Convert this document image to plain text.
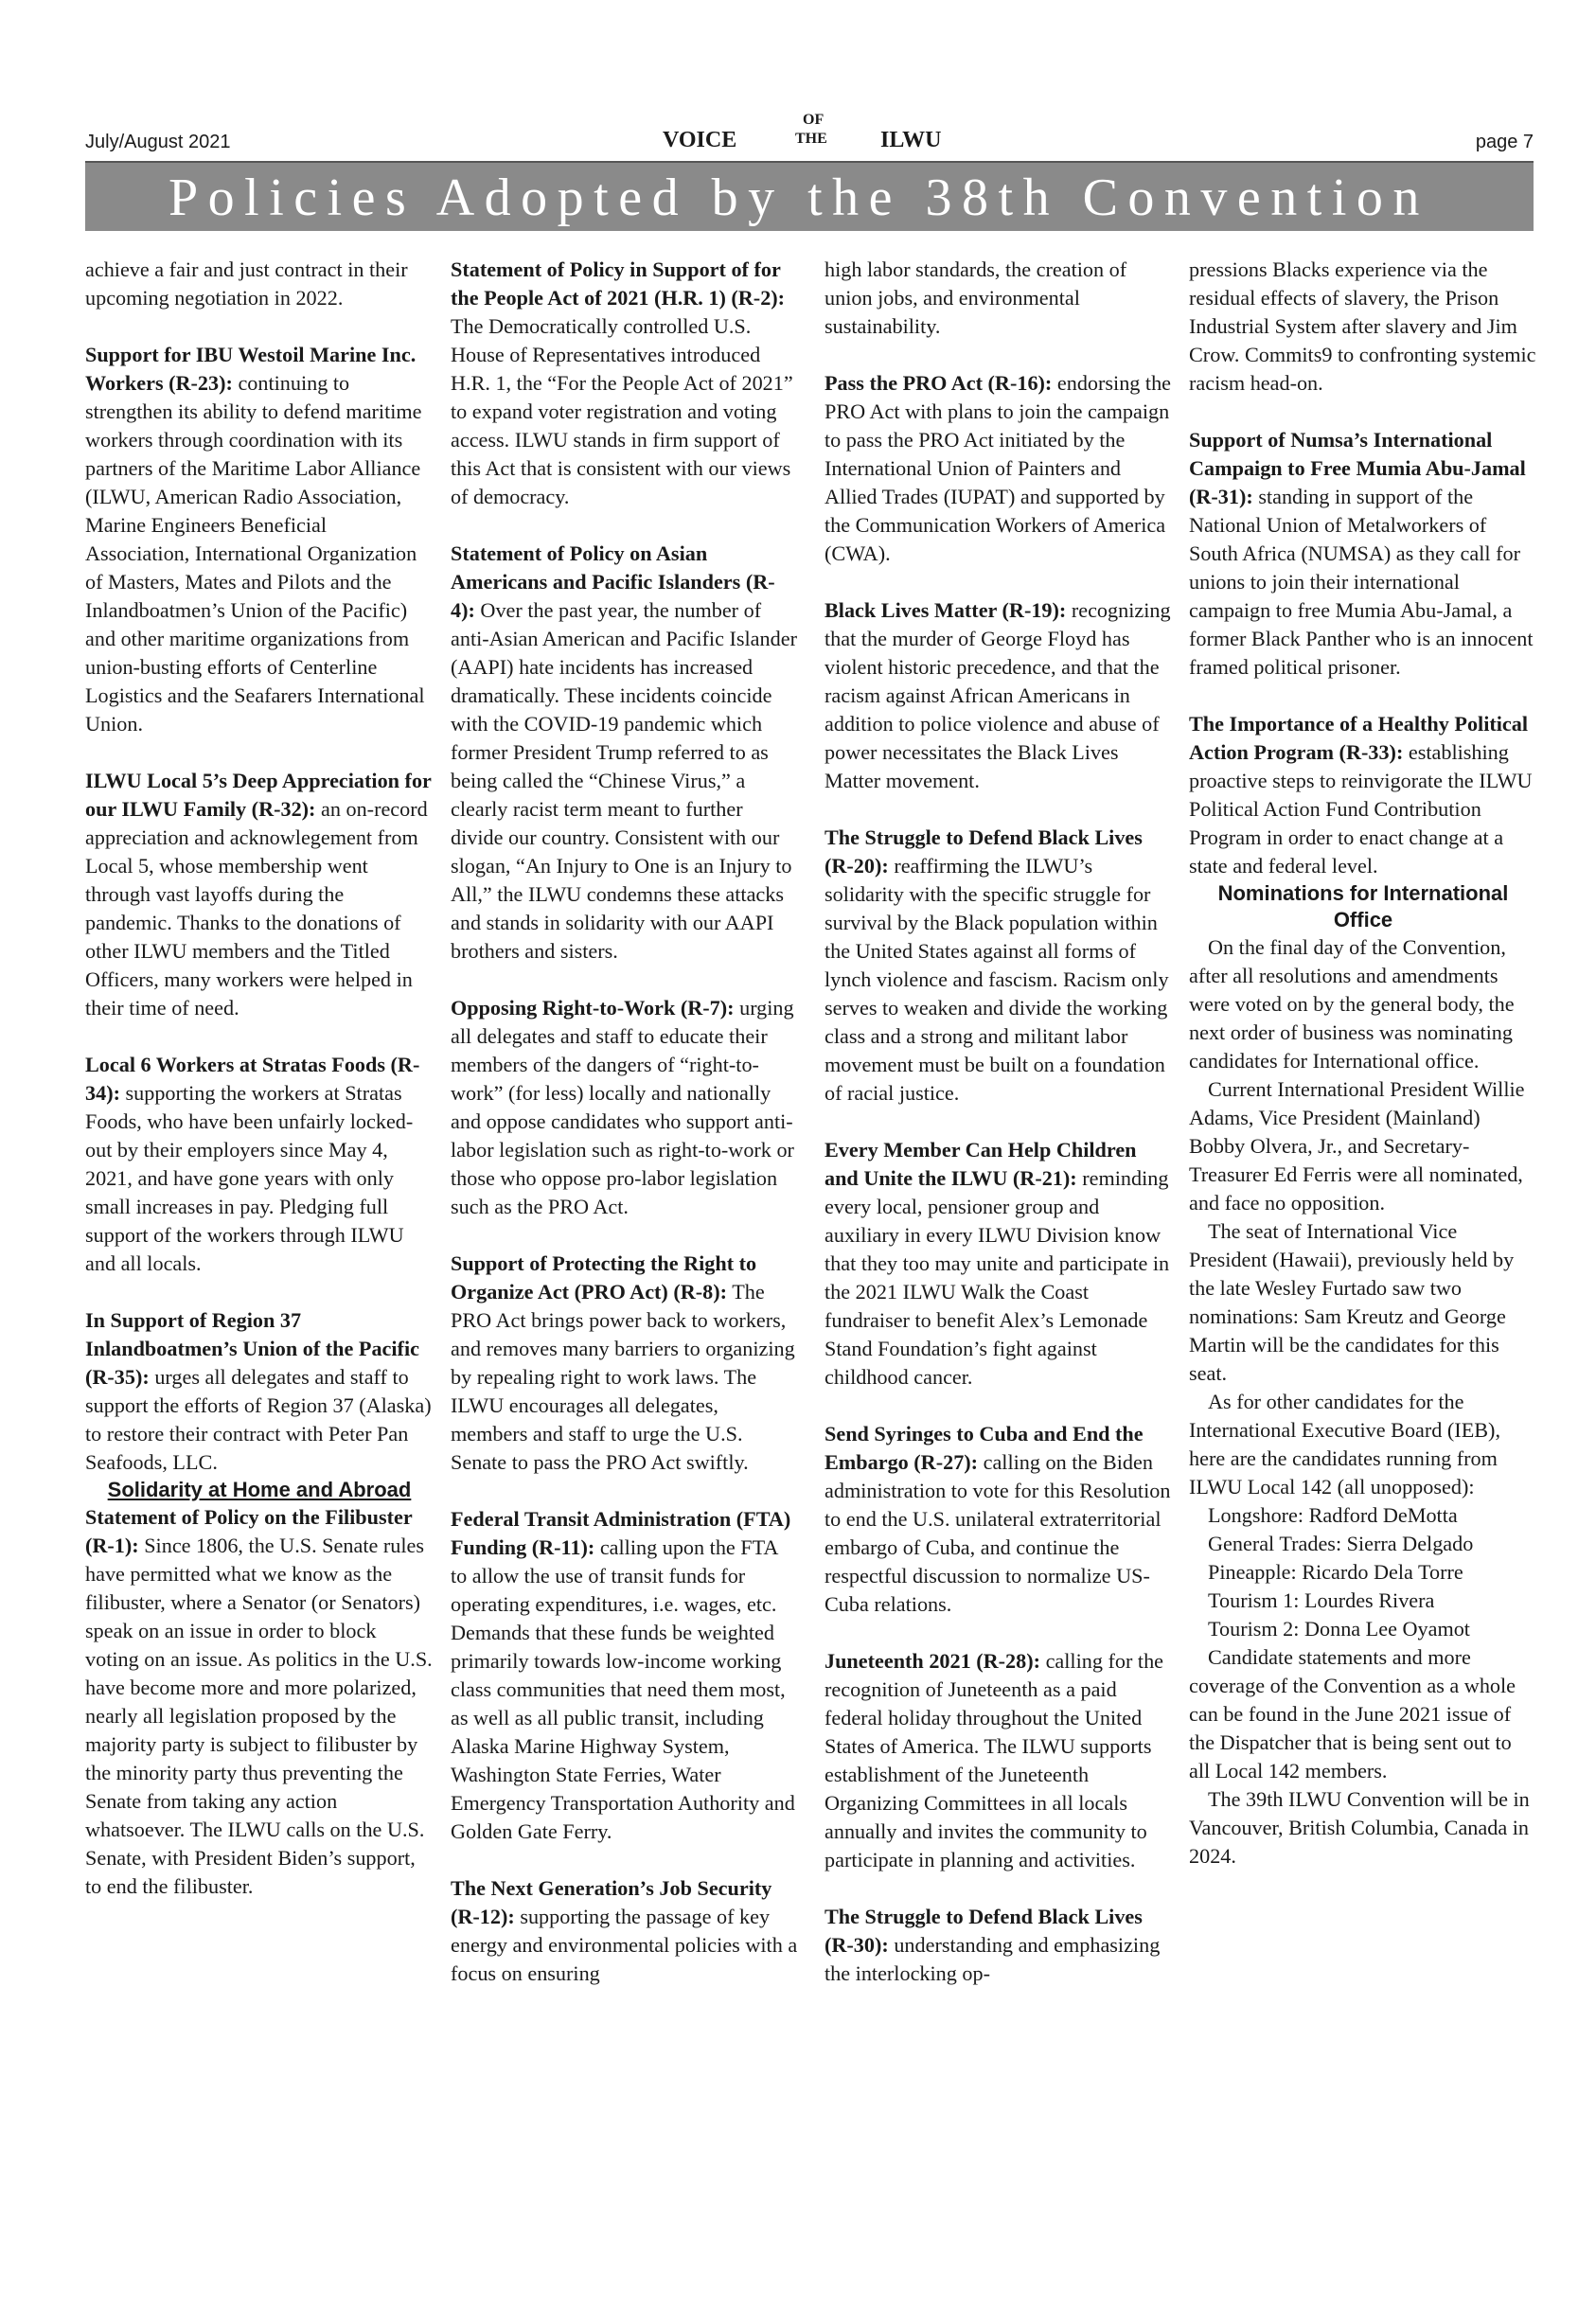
July/August 2021	page 7
VOICE
OF
THE ILWU
Policies Adopted by the 38th Convention

achieve a fair and just contract in their upcoming negotiation in 2022.

Support for IBU Westoil Marine Inc. Workers (R-23): continuing to strengthen its ability to defend maritime workers through coordination with its partners of the Maritime Labor Alliance (ILWU, American Radio Association, Marine Engineers Beneficial Association, International Organization of Masters, Mates and Pilots and the Inlandboatmen’s Union of the Pacific) and other maritime organizations from union-busting efforts of Centerline Logistics and the Seafarers International Union.

ILWU Local 5’s Deep Appreciation for our ILWU Family (R-32): an on-record appreciation and acknowlegement from Local 5, whose membership went through vast layoffs during the pandemic. Thanks to the donations of other ILWU members and the Titled Officers, many workers were helped in their time of need.

Local 6 Workers at Stratas Foods (R-34): supporting the workers at Stratas Foods, who have been unfairly locked-out by their employers since May 4, 2021, and have gone years with only small increases in pay. Pledging full support of the workers through ILWU and all locals.

In Support of Region 37 Inlandboatmen’s Union of the Pacific (R-35): urges all delegates and staff to support the efforts of Region 37 (Alaska) to restore their contract with Peter Pan Seafoods, LLC.

Solidarity at Home and Abroad

Statement of Policy on the Filibuster (R-1): Since 1806, the U.S. Senate rules have permitted what we know as the filibuster, where a Senator (or Senators) speak on an issue in order to block voting on an issue. As politics in the U.S. have become more and more polarized, nearly all legislation proposed by the majority party is subject to filibuster by the minority party thus preventing the Senate from taking any action whatsoever. The ILWU calls on the U.S. Senate, with President Biden’s support, to end the filibuster.

Statement of Policy in Support of for the People Act of 2021 (H.R. 1) (R-2): The Democratically controlled U.S. House of Representatives introduced H.R. 1, the “For the People Act of 2021” to expand voter registration and voting access. ILWU stands in firm support of this Act that is consistent with our views of democracy.

Statement of Policy on Asian Americans and Pacific Islanders (R-4): Over the past year, the number of anti-Asian American and Pacific Islander (AAPI) hate incidents has increased dramatically. These incidents coincide with the COVID-19 pandemic which former President Trump referred to as being called the “Chinese Virus,” a clearly racist term meant to further divide our country. Consistent with our slogan, “An Injury to One is an Injury to All,” the ILWU condemns these attacks and stands in solidarity with our AAPI brothers and sisters.

Opposing Right-to-Work (R-7): urging all delegates and staff to educate their members of the dangers of “right-to-work” (for less) locally and nationally and oppose candidates who support anti-labor legislation such as right-to-work or those who oppose pro-labor legislation such as the PRO Act.

Support of Protecting the Right to Organize Act (PRO Act) (R-8): The PRO Act brings power back to workers, and removes many barriers to organizing by repealing right to work laws. The ILWU encourages all delegates, members and staff to urge the U.S. Senate to pass the PRO Act swiftly.

Federal Transit Administration (FTA) Funding (R-11): calling upon the FTA to allow the use of transit funds for operating expenditures, i.e. wages, etc. Demands that these funds be weighted primarily towards low-income working class communities that need them most, as well as all public transit, including Alaska Marine Highway System, Washington State Ferries, Water Emergency Transportation Authority and Golden Gate Ferry.

The Next Generation’s Job Security (R-12): supporting the passage of key energy and environmental policies with a focus on ensuring

high labor standards, the creation of union jobs, and environmental sustainability.

Pass the PRO Act (R-16): endorsing the PRO Act with plans to join the campaign to pass the PRO Act initiated by the International Union of Painters and Allied Trades (IUPAT) and supported by the Communication Workers of America (CWA).

Black Lives Matter (R-19): recognizing that the murder of George Floyd has violent historic precedence, and that the racism against African Americans in addition to police violence and abuse of power necessitates the Black Lives Matter movement.

The Struggle to Defend Black Lives (R-20): reaffirming the ILWU’s solidarity with the specific struggle for survival by the Black population within the United States against all forms of lynch violence and fascism. Racism only serves to weaken and divide the working class and a strong and militant labor movement must be built on a foundation of racial justice.

Every Member Can Help Children and Unite the ILWU (R-21): reminding every local, pensioner group and auxiliary in every ILWU Division know that they too may unite and participate in the 2021 ILWU Walk the Coast fundraiser to benefit Alex’s Lemonade Stand Foundation’s fight against childhood cancer.

Send Syringes to Cuba and End the Embargo (R-27): calling on the Biden administration to vote for this Resolution to end the U.S. unilateral extraterritorial embargo of Cuba, and continue the respectful discussion to normalize US-Cuba relations.

Juneteenth 2021 (R-28): calling for the recognition of Juneteenth as a paid federal holiday throughout the United States of America. The ILWU supports establishment of the Juneteenth Organizing Committees in all locals annually and invites the community to participate in planning and activities.

The Struggle to Defend Black Lives (R-30): understanding and emphasizing the interlocking op-

pressions Blacks experience via the residual effects of slavery, the Prison Industrial System after slavery and Jim Crow. Commits9 to confronting systemic racism head-on.

Support of Numsa’s International Campaign to Free Mumia Abu-Jamal (R-31): standing in support of the National Union of Metalworkers of South Africa (NUMSA) as they call for unions to join their international campaign to free Mumia Abu-Jamal, a former Black Panther who is an innocent framed political prisoner.

The Importance of a Healthy Political Action Program (R-33): establishing proactive steps to reinvigorate the ILWU Political Action Fund Contribution Program in order to enact change at a state and federal level.

Nominations for International Office

On the final day of the Convention, after all resolutions and amendments were voted on by the general body, the next order of business was nominating candidates for International office.

Current International President Willie Adams, Vice President (Mainland) Bobby Olvera, Jr., and Secretary-Treasurer Ed Ferris were all nominated, and face no opposition.

The seat of International Vice President (Hawaii), previously held by the late Wesley Furtado saw two nominations: Sam Kreutz and George Martin will be the candidates for this seat.

As for other candidates for the International Executive Board (IEB), here are the candidates running from ILWU Local 142 (all unopposed):

Longshore: Radford DeMotta
General Trades: Sierra Delgado
Pineapple: Ricardo Dela Torre
Tourism 1: Lourdes Rivera
Tourism 2: Donna Lee Oyamot

Candidate statements and more coverage of the Convention as a whole can be found in the June 2021 issue of the Dispatcher that is being sent out to all Local 142 members.

The 39th ILWU Convention will be in Vancouver, British Columbia, Canada in 2024.
